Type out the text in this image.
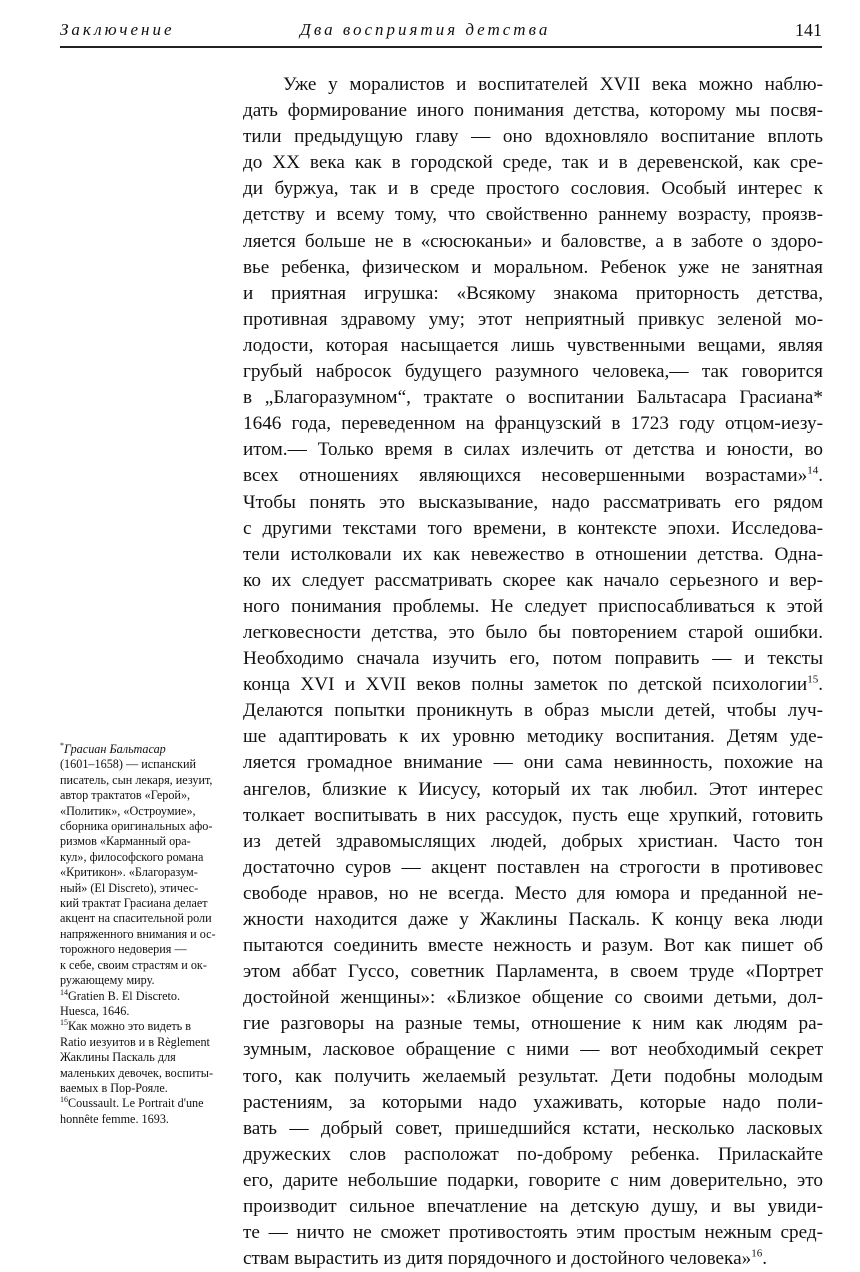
Заключение	Два восприятия детства	141

Уже у моралистов и воспитателей XVII века можно наблю-
дать формирование иного понимания детства, которому мы посвя-
тили предыдущую главу — оно вдохновляло воспитание вплоть
до XX века как в городской среде, так и в деревенской, как сре-
ди буржуа, так и в среде простого сословия. Особый интерес к
детству и всему тому, что свойственно раннему возрасту, проязв-
ляется больше не в «сюсюканьи» и баловстве, а в заботе о здоро-
вье ребенка, физическом и моральном. Ребенок уже не занятная
и приятная игрушка: «Всякому знакома приторность детства,
противная здравому уму; этот неприятный привкус зеленой мо-
лодости, которая насыщается лишь чувственными вещами, являя
грубый набросок будущего разумного человека,— так говорится
в „Благоразумном“, трактате о воспитании Бальтасара Грасиана*
1646 года, переведенном на французский в 1723 году отцом-иезу-
итом.— Только время в силах излечить от детства и юности, во
всех отношениях являющихся несовершенными возрастами»$^{14}$.
Чтобы понять это высказывание, надо рассматривать его рядом
с другими текстами того времени, в контексте эпохи. Исследова-
тели истолковали их как невежество в отношении детства. Одна-
ко их следует рассматривать скорее как начало серьезного и вер-
ного понимания проблемы. Не следует приспосабливаться к этой
легковесности детства, это было бы повторением старой ошибки.
Необходимо сначала изучить его, потом поправить — и тексты
конца XVI и XVII веков полны заметок по детской психологии$^{15}$.
Делаются попытки проникнуть в образ мысли детей, чтобы луч-
ше адаптировать к их уровню методику воспитания. Детям уде-
ляется громадное внимание — они сама невинность, похожие на
ангелов, близкие к Иисусу, который их так любил. Этот интерес
толкает воспитывать в них рассудок, пусть еще хрупкий, готовить
из детей здравомыслящих людей, добрых христиан. Часто тон
достаточно суров — акцент поставлен на строгости в противовес
свободе нравов, но не всегда. Место для юмора и преданной не-
жности находится даже у Жаклины Паскаль. К концу века люди
пытаются соединить вместе нежность и разум. Вот как пишет об
этом аббат Гуссо, советник Парламента, в своем труде «Портрет
достойной женщины»: «Близкое общение со своими детьми, дол-
гие разговоры на разные темы, отношение к ним как людям ра-
зумным, ласковое обращение с ними — вот необходимый секрет
того, как получить желаемый результат. Дети подобны молодым
растениям, за которыми надо ухаживать, которые надо поли-
вать — добрый совет, пришедшийся кстати, несколько ласковых
дружеских слов расположат по-доброму ребенка. Приласкайте
его, дарите небольшие подарки, говорите с ним доверительно, это
производит сильное впечатление на детскую душу, и вы увиди-
те — ничто не сможет противостоять этим простым нежным сред-
ствам вырастить из дитя порядочного и достойного человека»$^{16}$.

*Грасиан Бальтасар
(1601–1658) — испанский
писатель, сын лекаря, иезуит,
автор трактатов «Герой»,
«Политик», «Остроумие»,
сборника оригинальных афо-
ризмов «Карманный ора-
кул», философского романа
«Критикон». «Благоразум-
ный» (El Discreto), этичес-
кий трактат Грасиана делает
акцент на спасительной роли
напряженного внимания и ос-
торожного недоверия —
к себе, своим страстям и ок-
ружающему миру.
$^{14}$Gratien B. El Discreto.
Huesca, 1646.
$^{15}$Как можно это видеть в
Ratio иезуитов и в Règlement
Жаклины Паскаль для
маленьких девочек, воспиты-
ваемых в Пор-Рояле.
$^{16}$Coussault. Le Portrait d'une
honnête femme. 1693.
